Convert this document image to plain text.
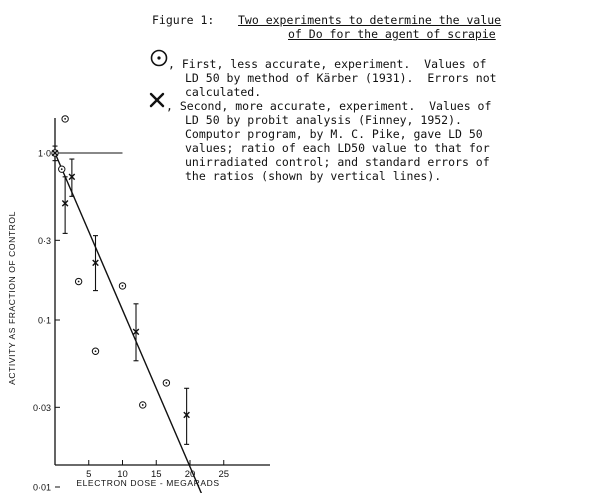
5	10 15 20 25
1·0
0·3
0·1
0·03
0·01	ELECTRON DOSE - MEGARADS
ACTIVITY AS FRACTION OF CONTROL
Figure 1: Two experiments to determine the value
of Do for the agent of scrapie
, First, less accurate, experiment.  Values of
LD 50 by method of Kärber (1931).  Errors not
calculated.
, Second, more accurate, experiment.  Values of
LD 50 by probit analysis (Finney, 1952).
Computor program, by M. C. Pike, gave LD 50
values; ratio of each LD50 value to that for
unirradiated control; and standard errors of
the ratios (shown by vertical lines).
